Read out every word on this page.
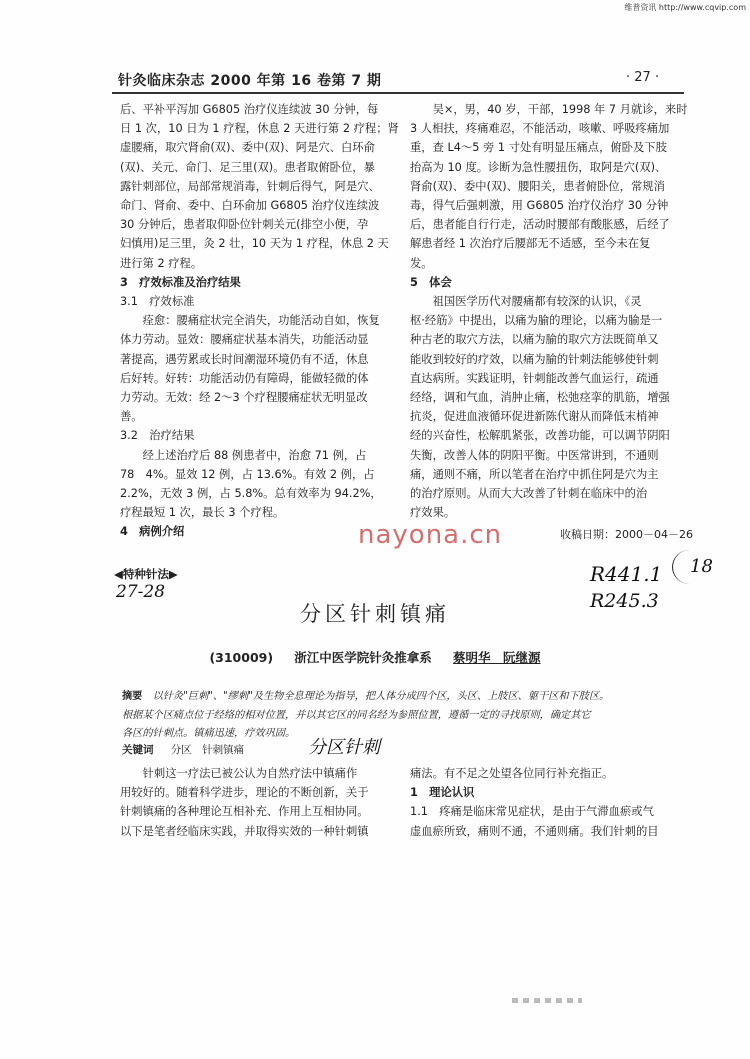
维普资讯 http://www.cqvip.com
针灸临床杂志 2000 年第 16 卷第 7 期	· 27 ·

后、平补平泻加 G6805 治疗仪连续波 30 分钟，每

日 1 次，10 日为 1 疗程，休息 2 天进行第 2 疗程；肾

虚腰痛，取穴肾俞(双)、委中(双)、阿是穴、白环俞

(双)、关元、命门、足三里(双)。患者取俯卧位，暴

露针刺部位，局部常规消毒，针刺后得气，阿是穴、

命门、肾俞、委中、白环俞加 G6805 治疗仪连续波

30 分钟后，患者取仰卧位针刺关元(排空小便，孕

妇慎用)足三里，灸 2 壮，10 天为 1 疗程，休息 2 天

进行第 2 疗程。

3　疗效标准及治疗结果

3.1　疗效标准

　　痊愈：腰痛症状完全消失，功能活动自如，恢复

体力劳动。显效：腰痛症状基本消失，功能活动显

著提高，遇劳累或长时间潮湿环境仍有不适，休息

后好转。好转：功能活动仍有障碍，能做轻微的体

力劳动。无效：经 2～3 个疗程腰痛症状无明显改

善。

3.2　治疗结果

　　经上述治疗后 88 例患者中，治愈 71 例，占

78　4%。显效 12 例，占 13.6%。有效 2 例，占

2.2%，无效 3 例，占 5.8%。总有效率为 94.2%，

疗程最短 1 次，最长 3 个疗程。

4　病例介绍

　　吴×，男，40 岁，干部，1998 年 7 月就诊，来时

3 人相扶，疼痛难忍，不能活动，咳嗽、呼吸疼痛加

重，查 L4～5 旁 1 寸处有明显压痛点，俯卧及下肢

抬高为 10 度。诊断为急性腰扭伤，取阿是穴(双)、

肾俞(双)、委中(双)、腰阳关，患者俯卧位，常规消

毒，得气后强刺激，用 G6805 治疗仪治疗 30 分钟

后，患者能自行行走，活动时腰部有酸胀感，后经了

解患者经 1 次治疗后腰部无不适感，至今未在复

发。

5　体会

　　祖国医学历代对腰痛都有较深的认识，《灵

枢·经筋》中提出，以痛为腧的理论，以痛为腧是一

种古老的取穴方法，以痛为腧的取穴方法既简单又

能收到较好的疗效，以痛为腧的针刺法能够使针刺

直达病所。实践证明，针刺能改善气血运行，疏通

经络，调和气血，消肿止痛，松弛痉挛的肌筋，增强

抗炎，促进血液循环促进新陈代谢从而降低末梢神

经的兴奋性，松解肌紧张，改善功能，可以调节阴阳

失衡，改善人体的阴阳平衡。中医常讲到，不通则

痛，通则不痛，所以笔者在治疗中抓住阿是穴为主

的治疗原则。从而大大改善了针刺在临床中的治

疗效果。

nayona.cn	收稿日期：2000－04－26
◀特种针法▶
27-28
R441.1
R245.3
18
分区针刺镇痛
(310009) 　 浙江中医学院针灸推拿系 　 蔡明华　阮继源

摘要　 以针灸"巨刺"、"缪刺"及生物全息理论为指导，把人体分成四个区，头区、上肢区、躯干区和下肢区。

根据某个区痛点位于经络的相对位置，并以其它区的同名经为参照位置，遵循一定的寻找原则，确定其它

各区的针刺点。镇痛迅速，疗效巩固。

关键词 　 分区　针刺镇痛	分区针刺

　　针刺这一疗法已被公认为自然疗法中镇痛作

用较好的。随着科学进步，理论的不断创新，关于

针刺镇痛的各种理论互相补充、作用上互相协同。

以下是笔者经临床实践，并取得实效的一种针刺镇

痛法。有不足之处望各位同行补充指正。

1　理论认识

1.1　疼痛是临床常见症状，是由于气滞血瘀或气

虚血瘀所致，痛则不通，不通则痛。我们针刺的目
